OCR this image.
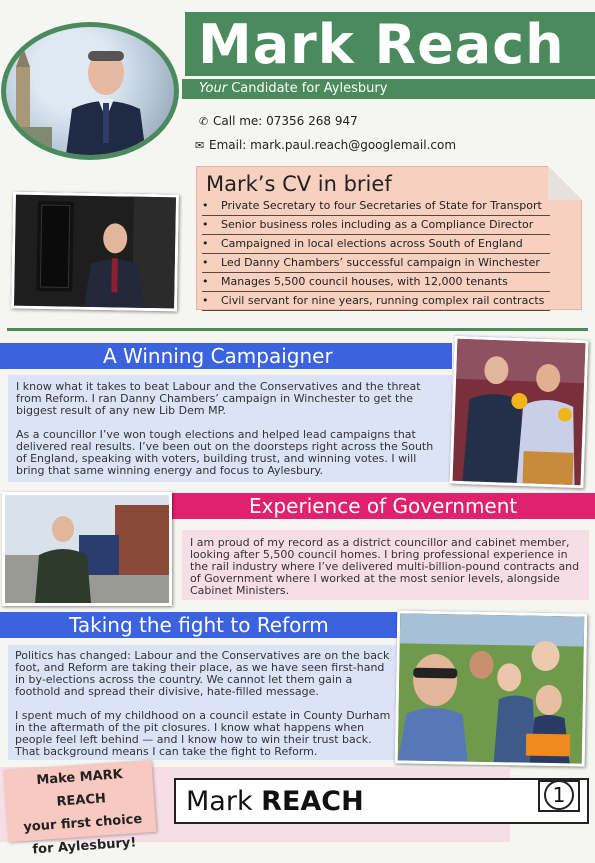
Mark Reach
Your Candidate for Aylesbury
✆ Call me: 07356 268 947
✉ Email: mark.paul.reach@googlemail.com
Mark’s CV in brief
• Private Secretary to four Secretaries of State for Transport
• Senior business roles including as a Compliance Director
• Campaigned in local elections across South of England
• Led Danny Chambers’ successful campaign in Winchester
• Manages 5,500 council houses, with 12,000 tenants
• Civil servant for nine years, running complex rail contracts
A Winning Campaigner

I know what it takes to beat Labour and the Conservatives and the threat from Reform. I ran Danny Chambers’ campaign in Winchester to get the biggest result of any new Lib Dem MP.

As a councillor I’ve won tough elections and helped lead campaigns that delivered real results. I’ve been out on the doorsteps right across the South of England, speaking with voters, building trust, and winning votes. I will bring that same winning energy and focus to Aylesbury.

Experience of Government

I am proud of my record as a district councillor and cabinet member, looking after 5,500 council homes. I bring professional experience in the rail industry where I’ve delivered multi-billion-pound contracts and of Government where I worked at the most senior levels, alongside Cabinet Ministers.

Taking the fight to Reform

Politics has changed: Labour and the Conservatives are on the back foot, and Reform are taking their place, as we have seen first-hand in by-elections across the country. We cannot let them gain a foothold and spread their divisive, hate-filled message.

I spent much of my childhood on a council estate in County Durham in the aftermath of the pit closures. I know what happens when people feel left behind — and I know how to win their trust back. That background means I can take the fight to Reform.

Make MARK REACH
your first choice
for Aylesbury!
Mark REACH	1
